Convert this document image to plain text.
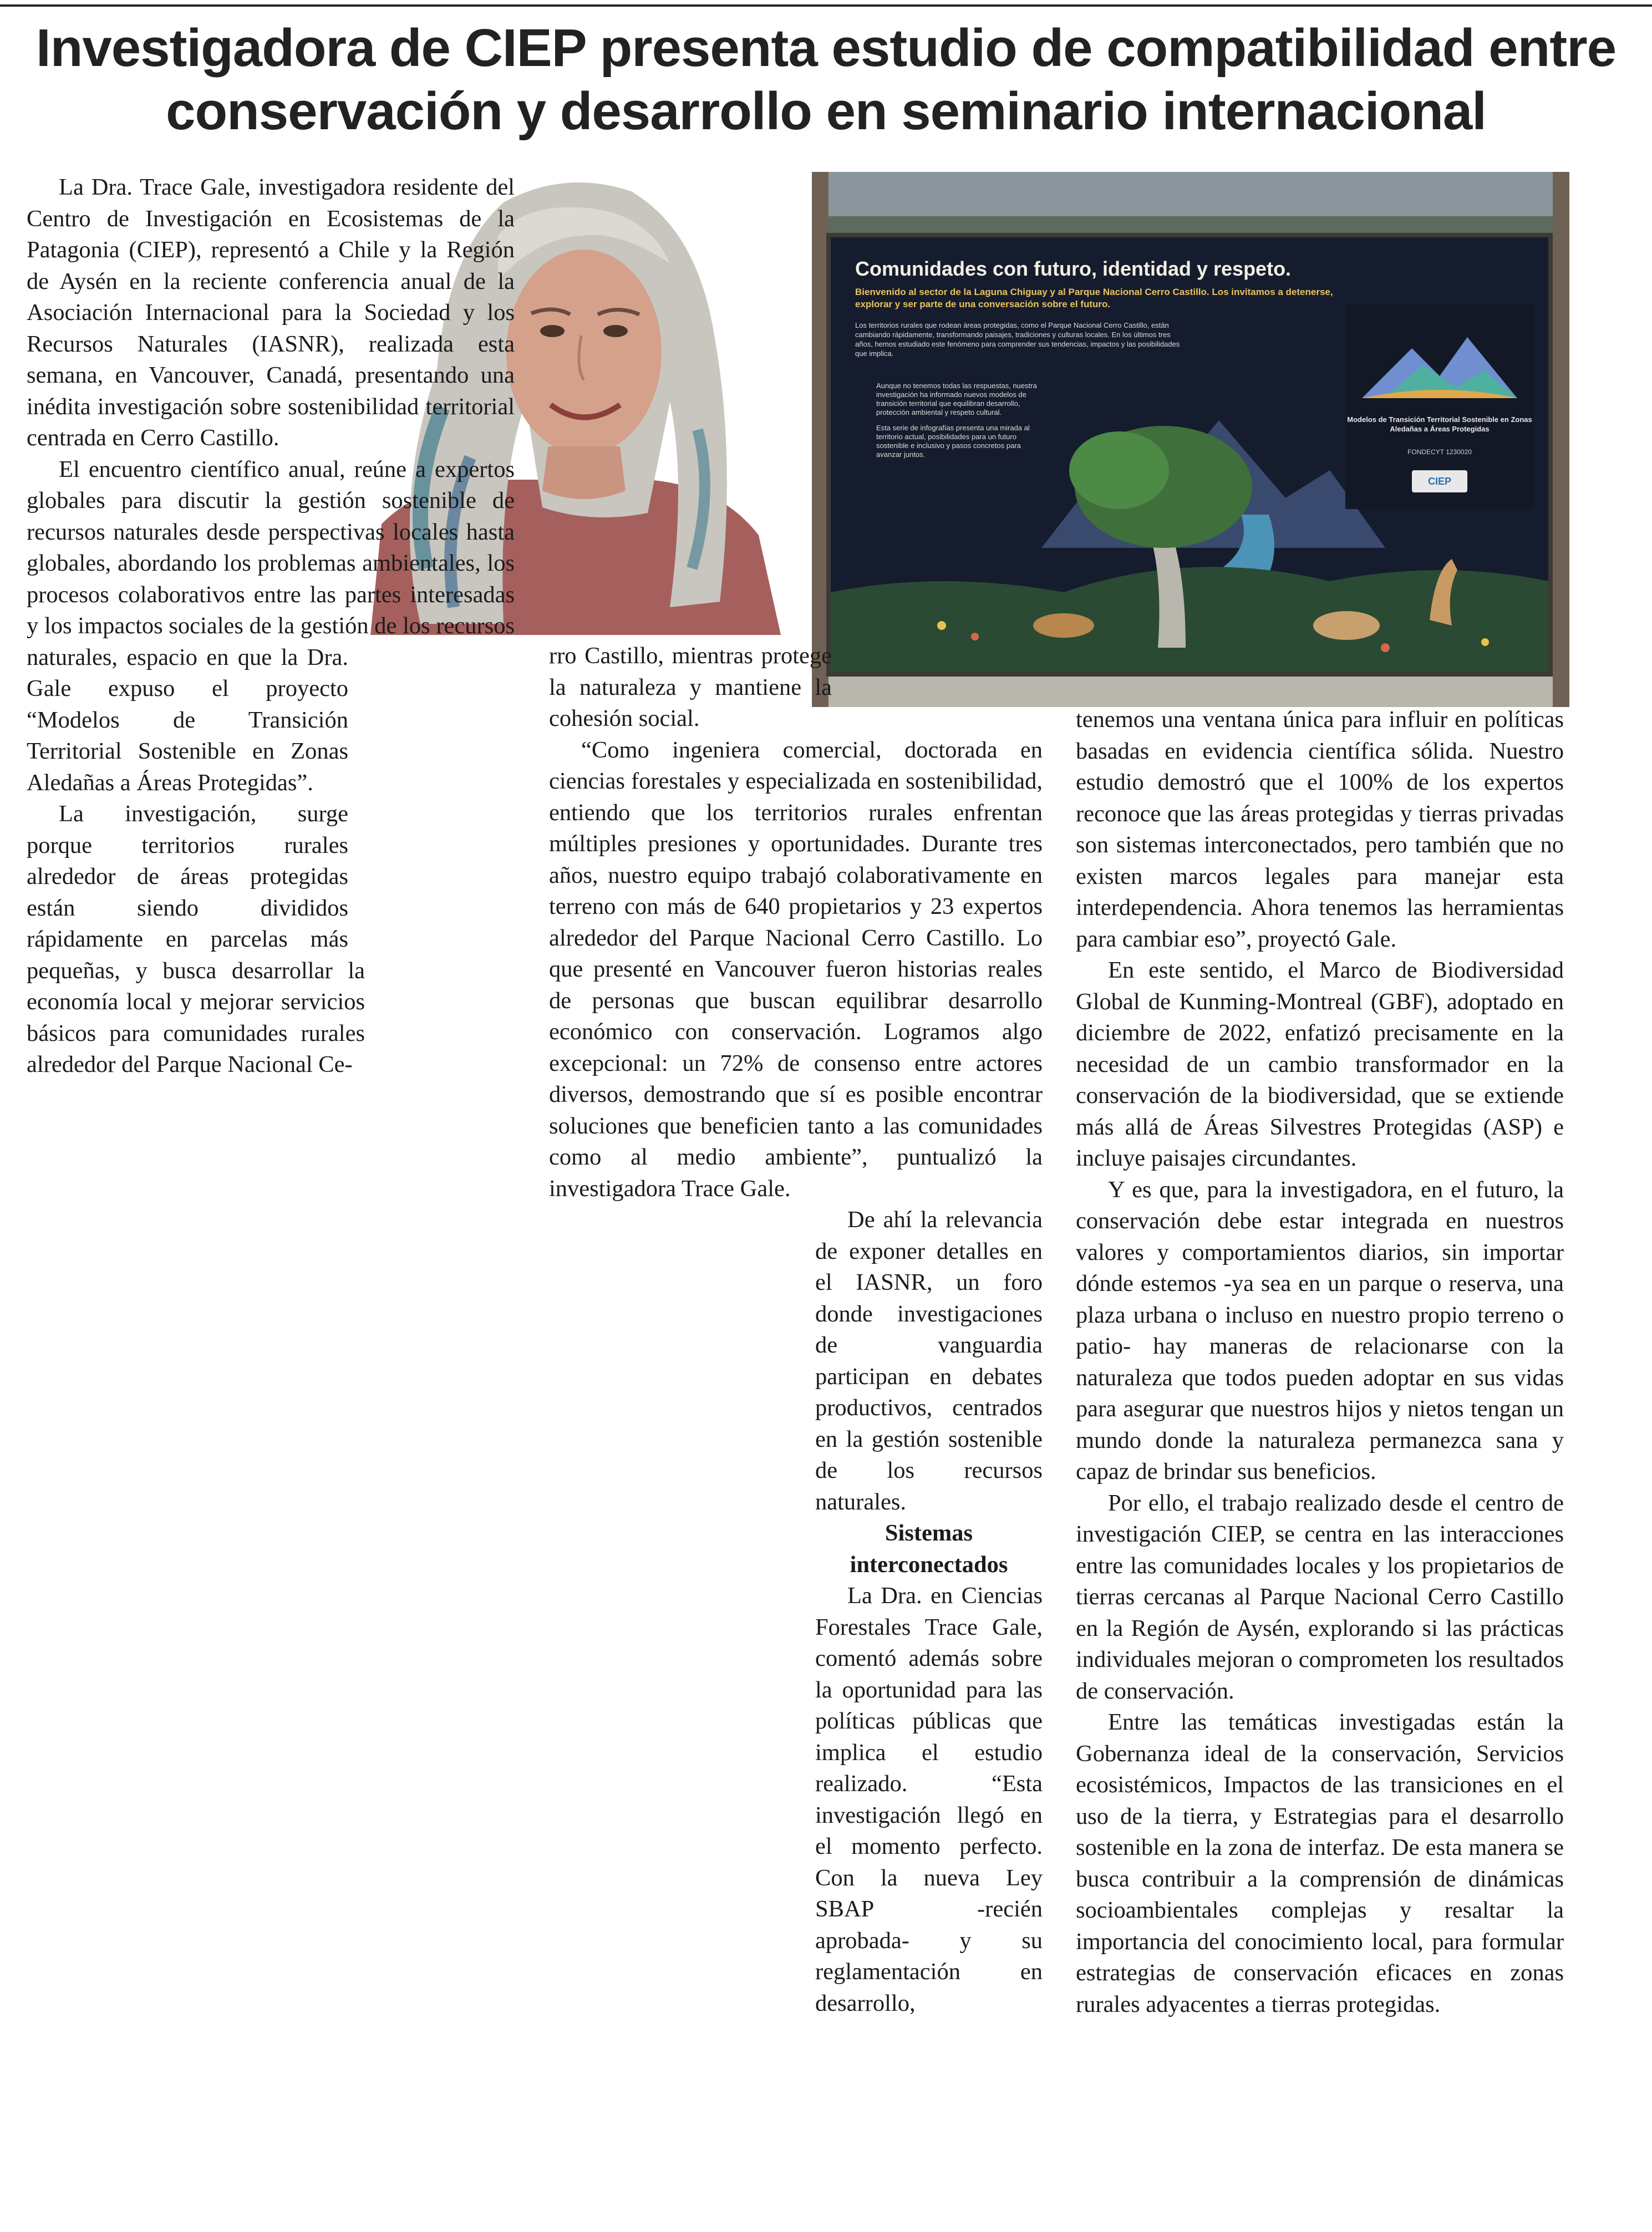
Investigadora de CIEP presenta estudio de compatibilidad entre conservación y desarrollo en seminario internacional
Comunidades con futuro, identidad y respeto.
Bienvenido al sector de la Laguna Chiguay y al Parque Nacional Cerro Castillo. Los invitamos a detenerse, explorar y ser parte de una conversación sobre el futuro.
Los territorios rurales que rodean áreas protegidas, como el Parque Nacional Cerro Castillo, están cambiando rápidamente, transformando paisajes, tradiciones y culturas locales. En los últimos tres años, hemos estudiado este fenómeno para comprender sus tendencias, impactos y las posibilidades que implica.
Aunque no tenemos todas las respuestas, nuestra investigación ha informado nuevos modelos de transición territorial que equilibran desarrollo, protección ambiental y respeto cultural.
Esta serie de infografías presenta una mirada al territorio actual, posibilidades para un futuro sostenible e inclusivo y pasos concretos para avanzar juntos.
Modelos de Transición Territorial Sostenible en Zonas Aledañas a Áreas Protegidas
FONDECYT 1230020
CIEP

La Dra. Trace Gale, investigadora residente del Centro de Investigación en Ecosistemas de la Patagonia (CIEP), representó a Chile y la Región de Aysén en la reciente conferencia anual de la Asociación Internacional para la Sociedad y los Recursos Naturales (IASNR), realizada esta semana, en Vancouver, Canadá, presentando una inédita investigación sobre sostenibilidad territorial centrada en Cerro Castillo.

El encuentro científico anual, reúne a expertos globales para discutir la gestión sostenible de recursos naturales desde perspectivas locales hasta globales, abordando los problemas ambientales, los procesos colaborativos entre las partes interesadas y los impactos sociales de la gestión de los recursos naturales, espacio en que la Dra. Gale expuso el proyecto “Modelos de Transición Territorial Sostenible en Zonas Aledañas a Áreas Protegidas”.

La investigación, surge porque territorios rurales alrededor de áreas protegidas están siendo divididos rápidamente en parcelas más pequeñas, y busca desarrollar la economía local y mejorar servicios básicos para comunidades rurales alrededor del Parque Nacional Ce-

rro Castillo, mientras protege la naturaleza y mantiene la cohesión social.

“Como ingeniera comercial, doctorada en ciencias forestales y especializada en sostenibilidad, entiendo que los territorios rurales enfrentan múltiples presiones y oportunidades. Durante tres años, nuestro equipo trabajó colaborativamente en terreno con más de 640 propietarios y 23 expertos alrededor del Parque Nacional Cerro Castillo. Lo que presenté en Vancouver fueron historias reales de personas que buscan equilibrar desarrollo económico con conservación. Logramos algo excepcional: un 72% de consenso entre actores diversos, demostrando que sí es posible encontrar soluciones que beneficien tanto a las comunidades como al medio ambiente”, puntualizó la investigadora Trace Gale.

De ahí la relevancia de exponer detalles en el IASNR, un foro donde investigaciones de vanguardia participan en debates productivos, centrados en la gestión sostenible de los recursos naturales.

Sistemas interconectados

La Dra. en Ciencias Forestales Trace Gale, comentó además sobre la oportunidad para las políticas públicas que implica el estudio realizado. “Esta investigación llegó en el momento perfecto. Con la nueva Ley SBAP -recién aprobada- y su reglamentación en desarrollo,

tenemos una ventana única para influir en políticas basadas en evidencia científica sólida. Nuestro estudio demostró que el 100% de los expertos reconoce que las áreas protegidas y tierras privadas son sistemas interconectados, pero también que no existen marcos legales para manejar esta interdependencia. Ahora tenemos las herramientas para cambiar eso”, proyectó Gale.

En este sentido, el Marco de Biodiversidad Global de Kunming-Montreal (GBF), adoptado en diciembre de 2022, enfatizó precisamente en la necesidad de un cambio transformador en la conservación de la biodiversidad, que se extiende más allá de Áreas Silvestres Protegidas (ASP) e incluye paisajes circundantes.

Y es que, para la investigadora, en el futuro, la conservación debe estar integrada en nuestros valores y comportamientos diarios, sin importar dónde estemos -ya sea en un parque o reserva, una plaza urbana o incluso en nuestro propio terreno o patio- hay maneras de relacionarse con la naturaleza que todos pueden adoptar en sus vidas para asegurar que nuestros hijos y nietos tengan un mundo donde la naturaleza permanezca sana y capaz de brindar sus beneficios.

Por ello, el trabajo realizado desde el centro de investigación CIEP, se centra en las interacciones entre las comunidades locales y los propietarios de tierras cercanas al Parque Nacional Cerro Castillo en la Región de Aysén, explorando si las prácticas individuales mejoran o comprometen los resultados de conservación.

Entre las temáticas investigadas están la Gobernanza ideal de la conservación, Servicios ecosistémicos, Impactos de las transiciones en el uso de la tierra, y Estrategias para el desarrollo sostenible en la zona de interfaz. De esta manera se busca contribuir a la comprensión de dinámicas socioambientales complejas y resaltar la importancia del conocimiento local, para formular estrategias de conservación eficaces en zonas rurales adyacentes a tierras protegidas.
